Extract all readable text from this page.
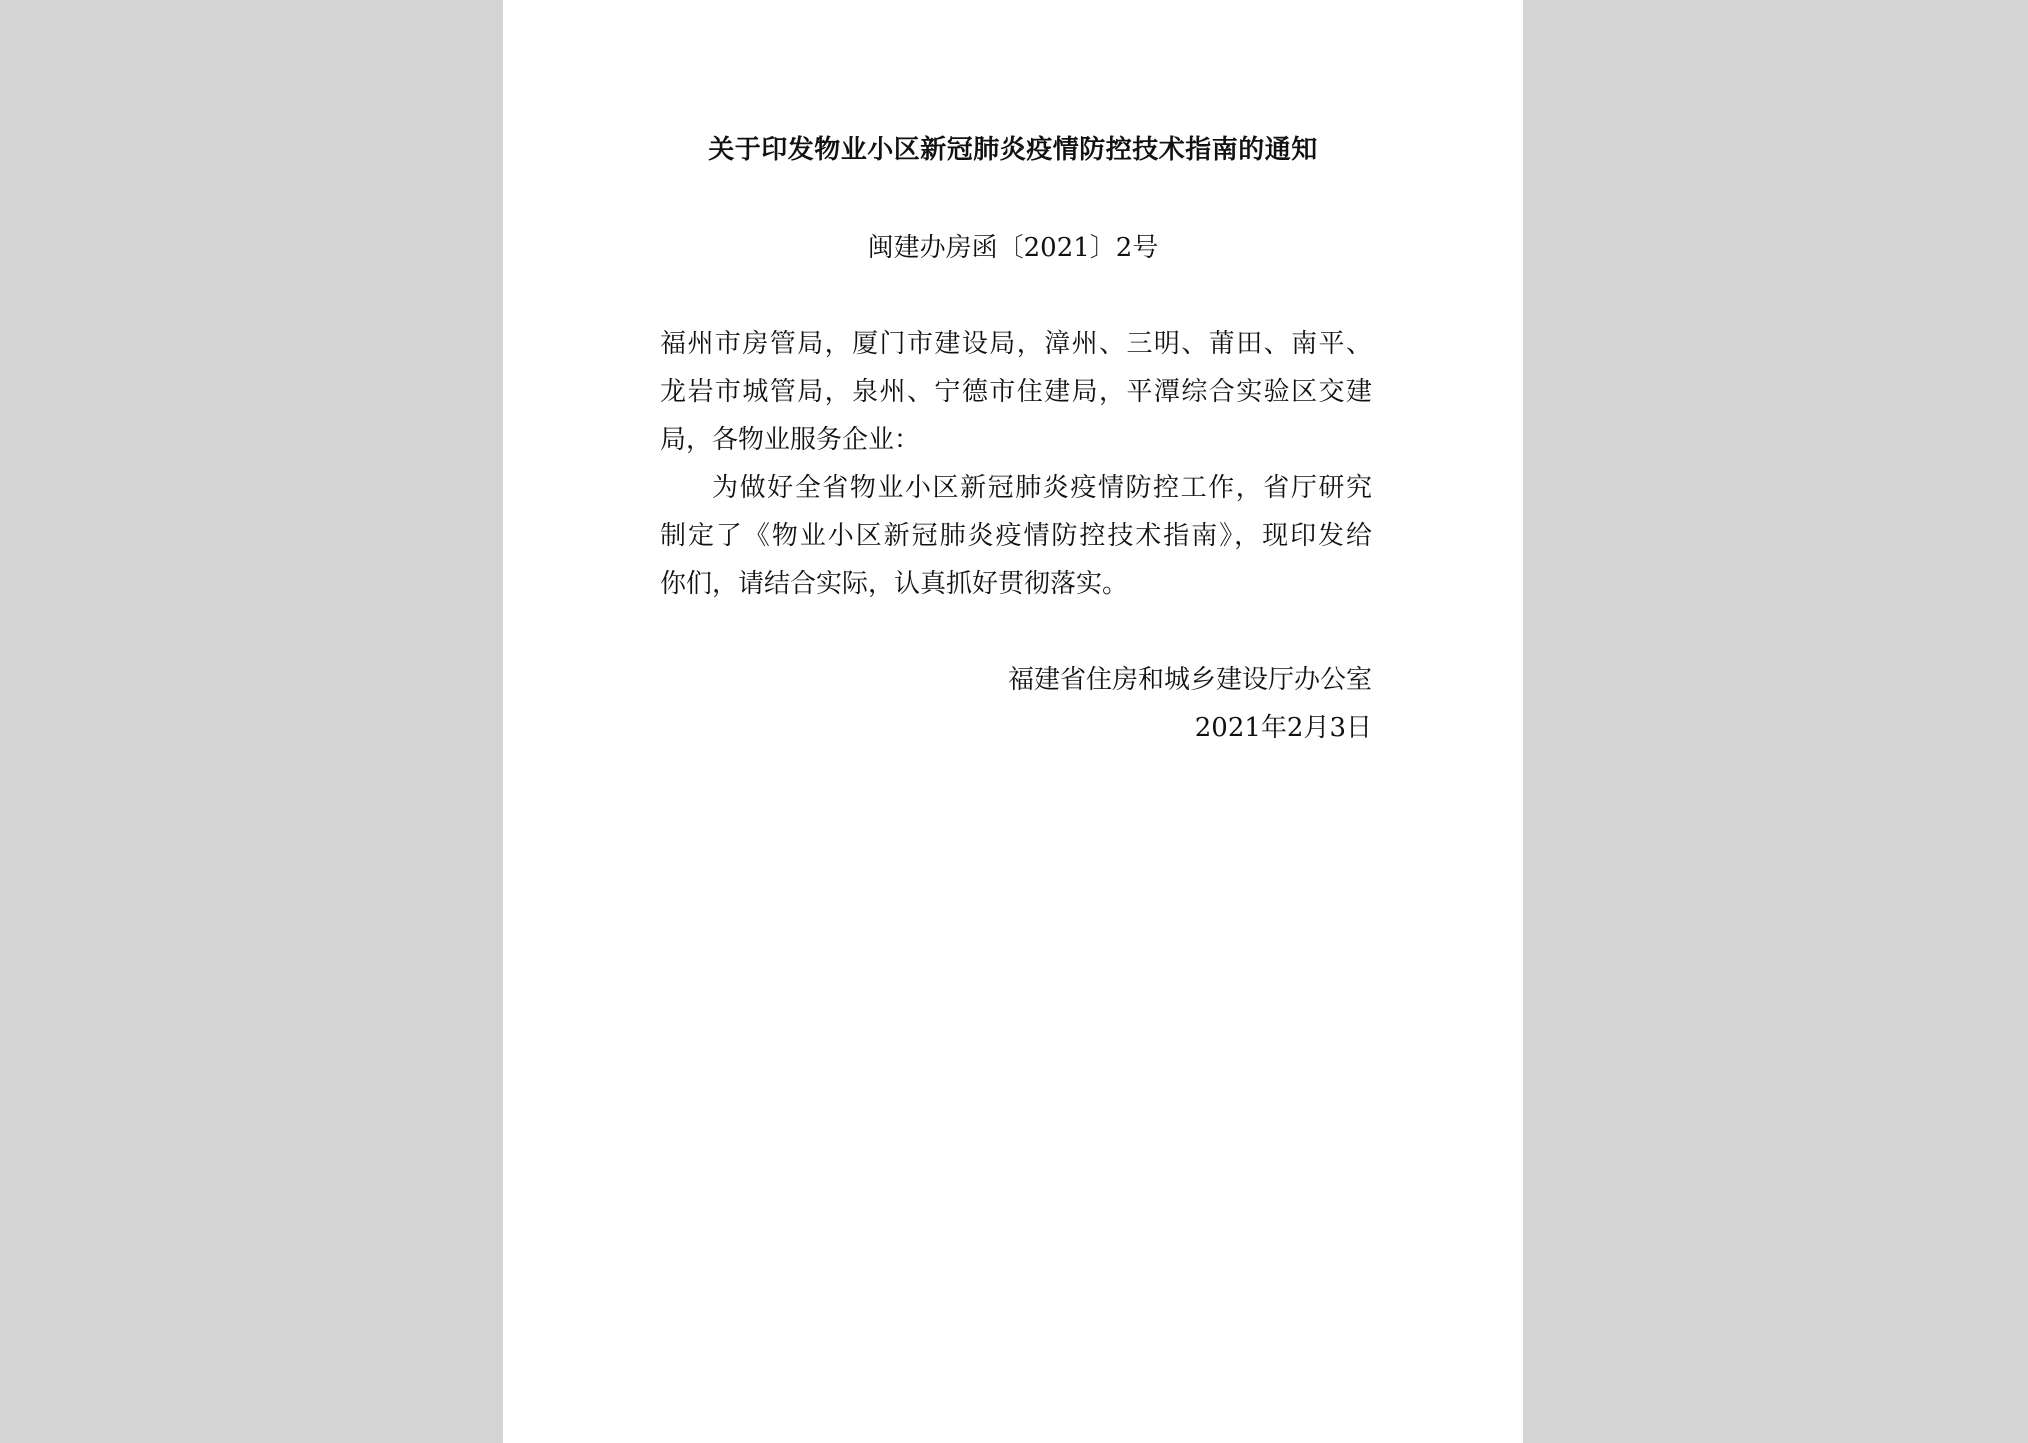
关于印发物业小区新冠肺炎疫情防控技术指南的通知
闽建办房函〔2021〕2号
福州市房管局，厦门市建设局，漳州、三明、莆田、南平、
龙岩市城管局，泉州、宁德市住建局，平潭综合实验区交建
局，各物业服务企业：
为做好全省物业小区新冠肺炎疫情防控工作，省厅研究
制定了《物业小区新冠肺炎疫情防控技术指南》，现印发给
你们，请结合实际，认真抓好贯彻落实。
福建省住房和城乡建设厅办公室
2021年2月3日
